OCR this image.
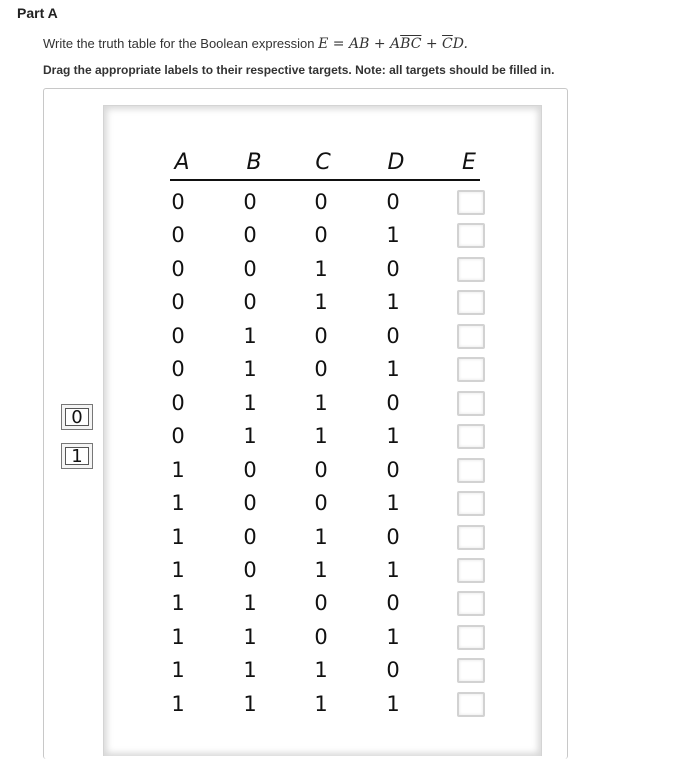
Part A
Write the truth table for the Boolean expression E = AB + $A\overline{BC} + \overline{C}D$.
Drag the appropriate labels to their respective targets. Note: all targets should be filled in.
0
1
A	B	C	D	E
0	0	0	0
0	0	0	1
0	0	1	0
0	0	1	1
0	1	0	0
0	1	0	1
0	1	1	0
0	1	1	1
1	0	0	0
1	0	0	1
1	0	1	0
1	0	1	1
1	1	0	0
1	1	0	1
1	1	1	0
1	1	1	1
